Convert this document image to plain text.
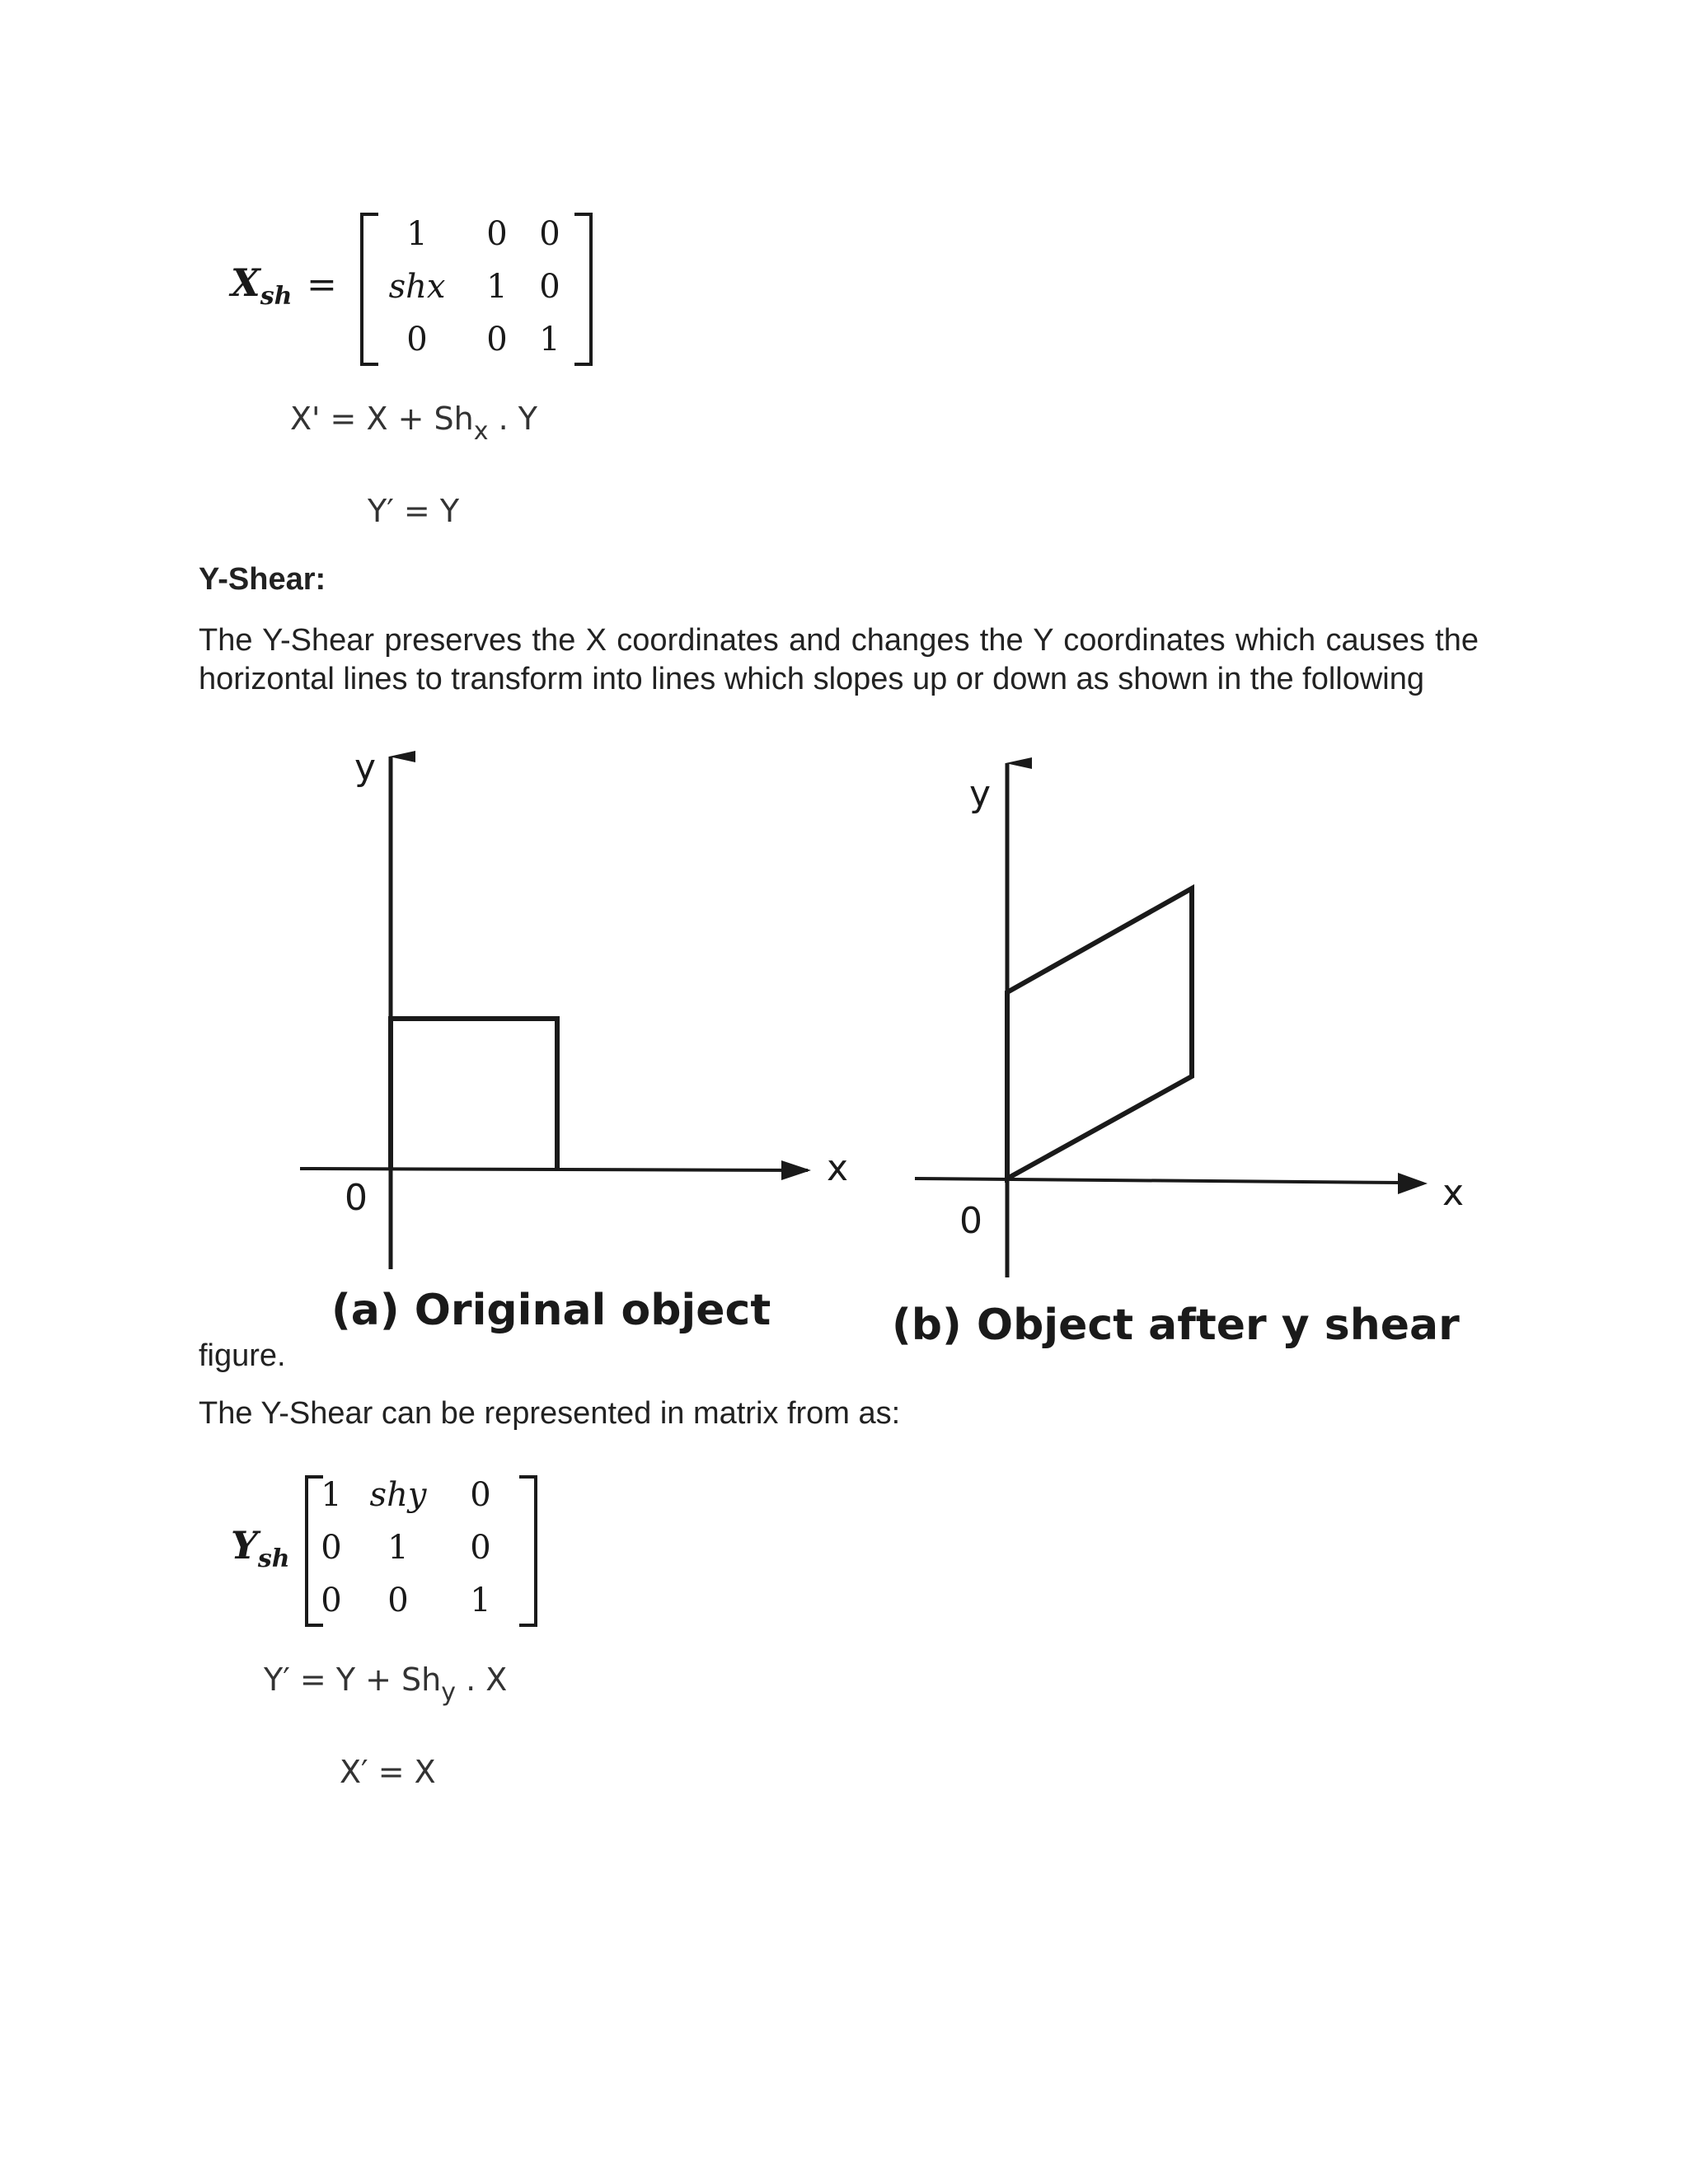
$X_{sh}$ =
1	0 0
shx	1 0
0	0 1
$X' = X + Sh_x$ . Y
Y′ = Y
Y-Shear:
The Y-Shear preserves the X coordinates and changes the Y coordinates which causes the horizontal lines to transform into lines which slopes up or down as shown in the following
y
x
0
y
x
0
(a) Original object	(b) Object after y shear
figure.
The Y-Shear can be represented in matrix from as:
$Y_{sh}$
1 shy	0
0	1	0
0	0	1
$Y' = Y + Sh_y$ . X
X′ = X
